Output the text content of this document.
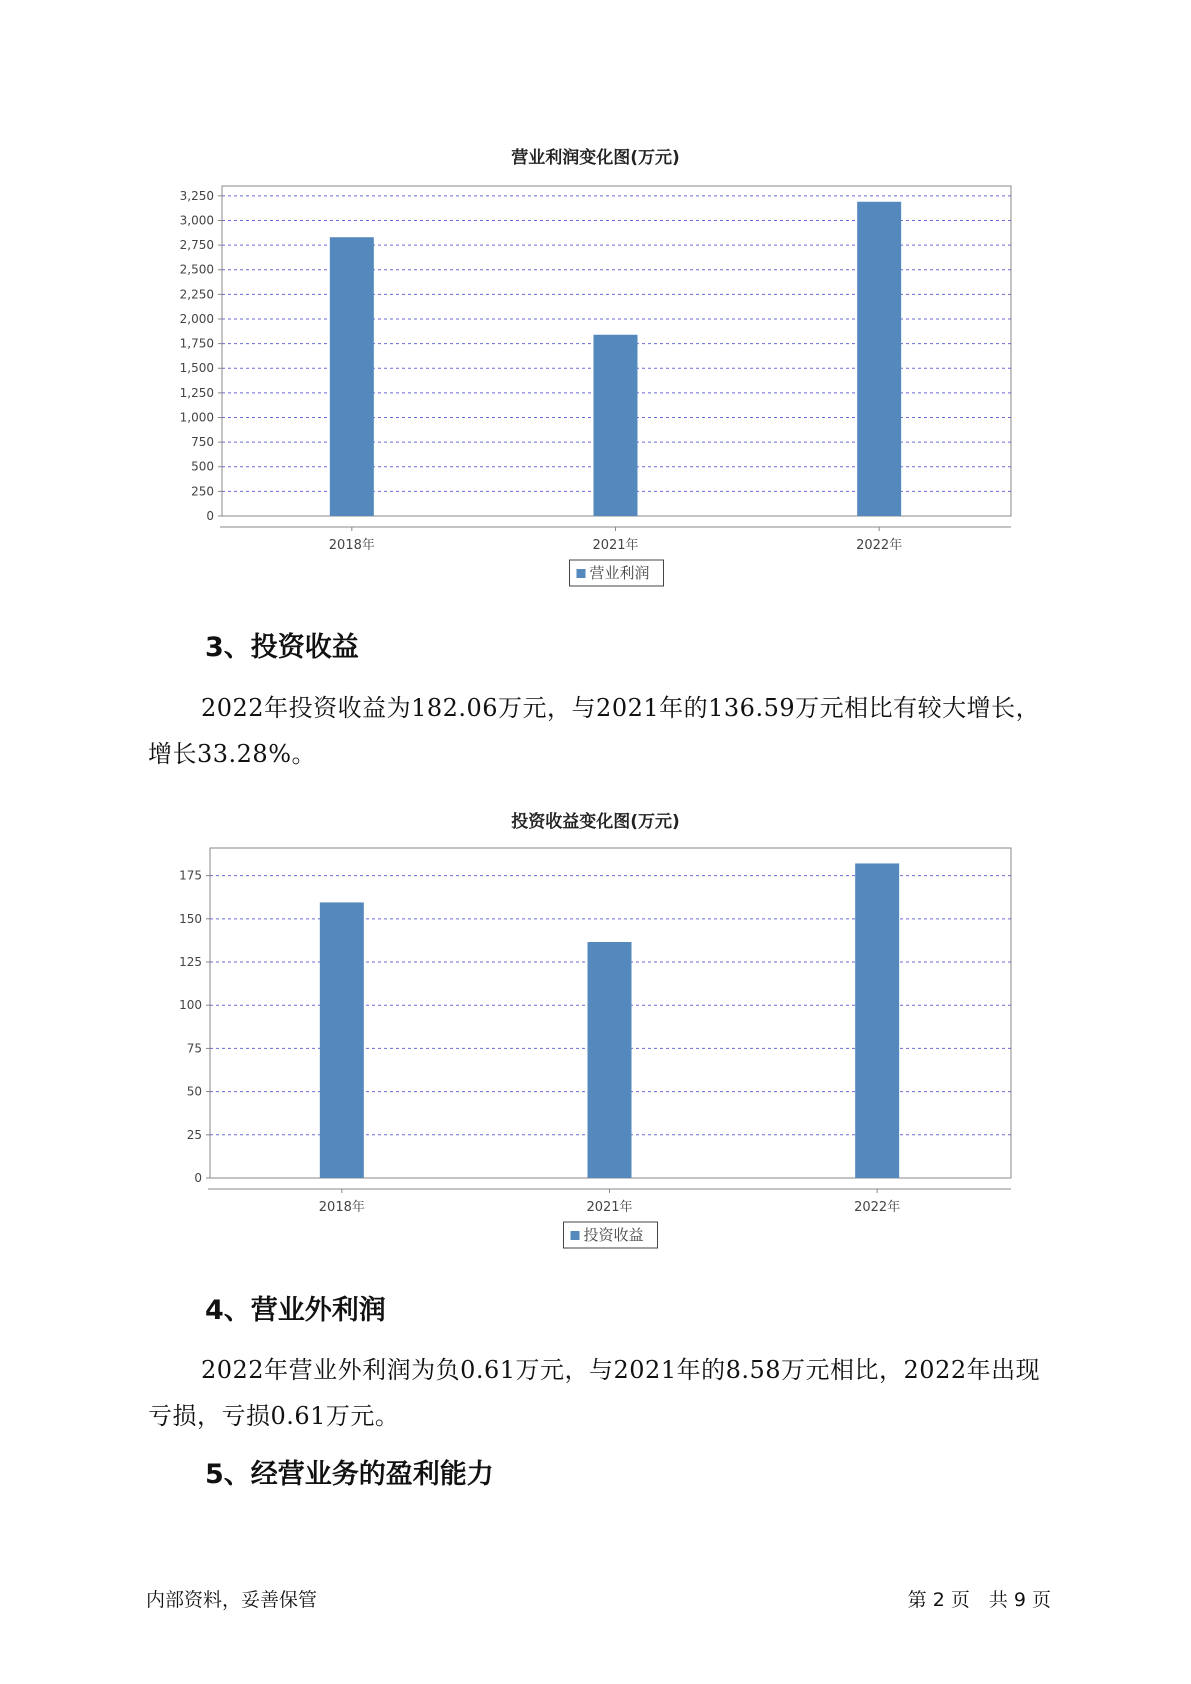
营业利润变化图(万元)
0
250
500
750
1,000
1,250
1,500
1,750
2,000
2,250
2,500
2,750
3,000
3,250
2018年	2021年	2022年
营业利润
3、投资收益

2022年投资收益为182.06万元，与2021年的136.59万元相比有较大增长，增长33.28%。

投资收益变化图(万元)
0
25
50
75
100
125
150
175
2018年	2021年	2022年
投资收益
4、营业外利润

2022年营业外利润为负0.61万元，与2021年的8.58万元相比，2022年出现亏损，亏损0.61万元。

5、经营业务的盈利能力
内部资料，妥善保管	第 2 页　共 9 页
